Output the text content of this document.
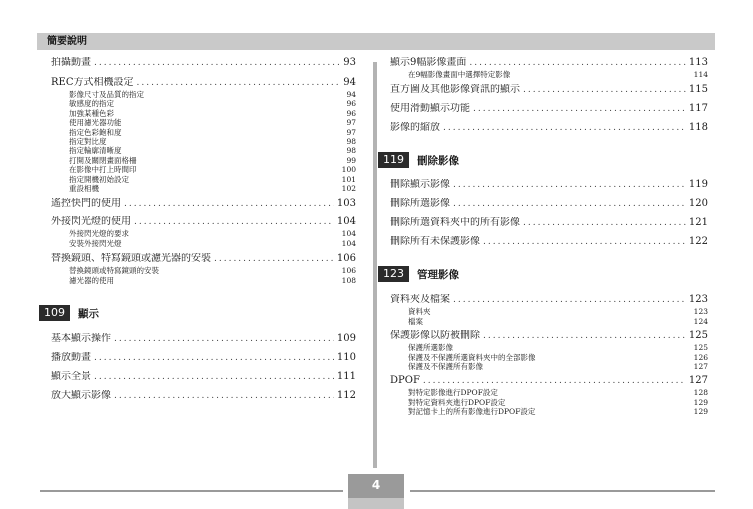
簡要說明
拍攝動畫 .....	93
REC方式相機設定 .....	94
影像尺寸及品質的指定	94
敏感度的指定	96
加強某種色彩	96
使用濾光器功能	97
指定色彩飽和度	97
指定對比度	98
指定輪廓清晰度	98
打開及關閉畫面格柵	99
在影像中打上時間印	100
指定開機初始設定	101
重設相機	102
遙控快門的使用 .....	103
外接閃光燈的使用 .....	104
外接閃光燈的要求	104
安裝外接閃光燈	104
替換鏡頭、特寫鏡頭或濾光器的安裝 .....	106
替換鏡頭或特寫鏡頭的安裝	106
濾光器的使用	108
109	顯示
基本顯示操作 .....	109
播放動畫 .....	110
顯示全景 .....	111
放大顯示影像 .....	112
顯示9幅影像畫面 .....	113
在9幅影像畫面中選擇特定影像	114
直方圖及其他影像資訊的顯示 .....	115
使用滑動顯示功能 .....	117
影像的縮放 .....	118
119	刪除影像
刪除顯示影像 .....	119
刪除所選影像 .....	120
刪除所選資料夾中的所有影像 .....	121
刪除所有未保護影像 .....	122
123	管理影像
資料夾及檔案 .....	123
資料夾	123
檔案	124
保護影像以防被刪除 .....	125
保護所選影像	125
保護及不保護所選資料夾中的全部影像	126
保護及不保護所有影像	127
DPOF .....	127
對特定影像進行DPOF設定	128
對特定資料夾進行DPOF設定	129
對記憶卡上的所有影像進行DPOF設定	129
4
